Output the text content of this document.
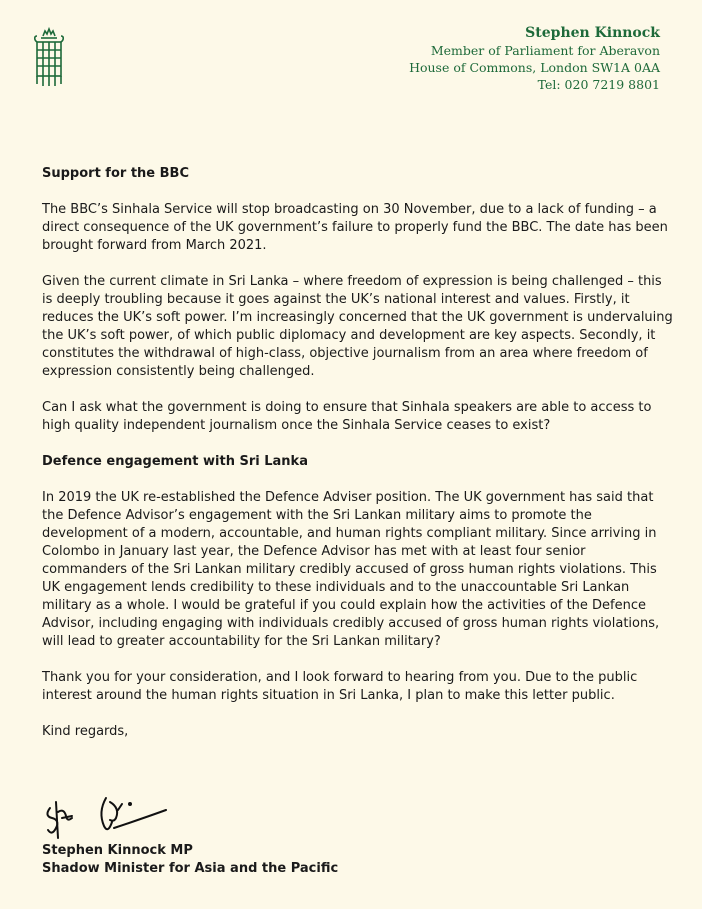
Stephen Kinnock
Member of Parliament for Aberavon
House of Commons, London SW1A 0AA
Tel: 020 7219 8801
Support for the BBC

The BBC’s Sinhala Service will stop broadcasting on 30 November, due to a lack of funding – a direct consequence of the UK government’s failure to properly fund the BBC. The date has been brought forward from March 2021.

Given the current climate in Sri Lanka – where freedom of expression is being challenged – this is deeply troubling because it goes against the UK’s national interest and values. Firstly, it reduces the UK’s soft power. I’m increasingly concerned that the UK government is undervaluing the UK’s soft power, of which public diplomacy and development are key aspects. Secondly, it constitutes the withdrawal of high-class, objective journalism from an area where freedom of expression consistently being challenged.

Can I ask what the government is doing to ensure that Sinhala speakers are able to access to high quality independent journalism once the Sinhala Service ceases to exist?

Defence engagement with Sri Lanka

In 2019 the UK re-established the Defence Adviser position. The UK government has said that the Defence Advisor’s engagement with the Sri Lankan military aims to promote the development of a modern, accountable, and human rights compliant military. Since arriving in Colombo in January last year, the Defence Advisor has met with at least four senior commanders of the Sri Lankan military credibly accused of gross human rights violations. This UK engagement lends credibility to these individuals and to the unaccountable Sri Lankan military as a whole. I would be grateful if you could explain how the activities of the Defence Advisor, including engaging with individuals credibly accused of gross human rights violations, will lead to greater accountability for the Sri Lankan military?

Thank you for your consideration, and I look forward to hearing from you. Due to the public interest around the human rights situation in Sri Lanka, I plan to make this letter public.

Kind regards,

Stephen Kinnock MP
Shadow Minister for Asia and the Pacific
